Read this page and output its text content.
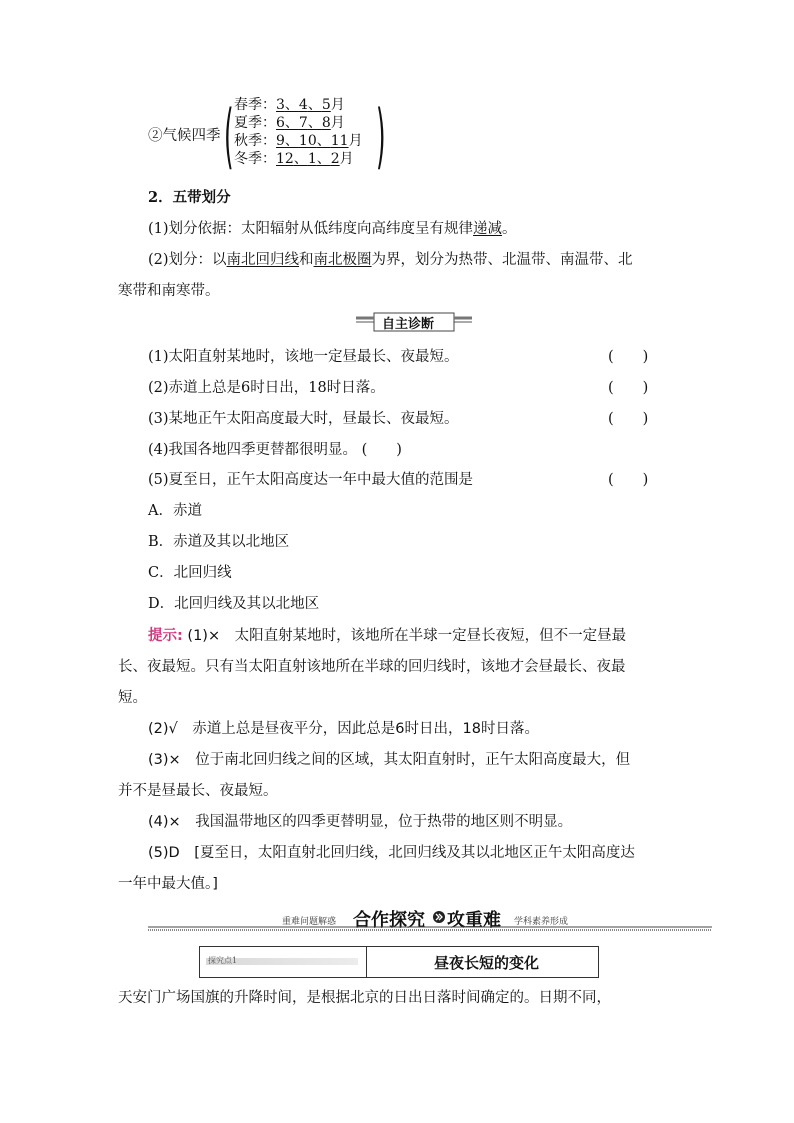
②气候四季 ( 春季：3、4、5月
夏季：6、7、8月
秋季：9、10、11月
冬季：12、1、2月 )
2．五带划分
(1)划分依据：太阳辐射从低纬度向高纬度呈有规律递减。
(2)划分：以南北回归线和南北极圈为界，划分为热带、北温带、南温带、北
寒带和南寒带。
自主诊断
(1)太阳直射某地时，该地一定昼最长、夜最短。	(　　)
(2)赤道上总是6时日出，18时日落。	(　　)
(3)某地正午太阳高度最大时，昼最长、夜最短。	(　　)
(4)我国各地四季更替都很明显。 (　　)
(5)夏至日，正午太阳高度达一年中最大值的范围是	(　　)
A．赤道
B．赤道及其以北地区
C．北回归线
D．北回归线及其以北地区
提示: (1)×　太阳直射某地时，该地所在半球一定昼长夜短，但不一定昼最
长、夜最短。只有当太阳直射该地所在半球的回归线时，该地才会昼最长、夜最
短。
(2)√　赤道上总是昼夜平分，因此总是6时日出，18时日落。
(3)×　位于南北回归线之间的区域，其太阳直射时，正午太阳高度最大，但
并不是昼最长、夜最短。
(4)×　我国温带地区的四季更替明显，位于热带的地区则不明显。
(5)D　[夏至日，太阳直射北回归线，北回归线及其以北地区正午太阳高度达
一年中最大值。]
重难问题解惑 合作探究 攻重难 学科素养形成
探究点1	昼夜长短的变化
天安门广场国旗的升降时间，是根据北京的日出日落时间确定的。日期不同，
